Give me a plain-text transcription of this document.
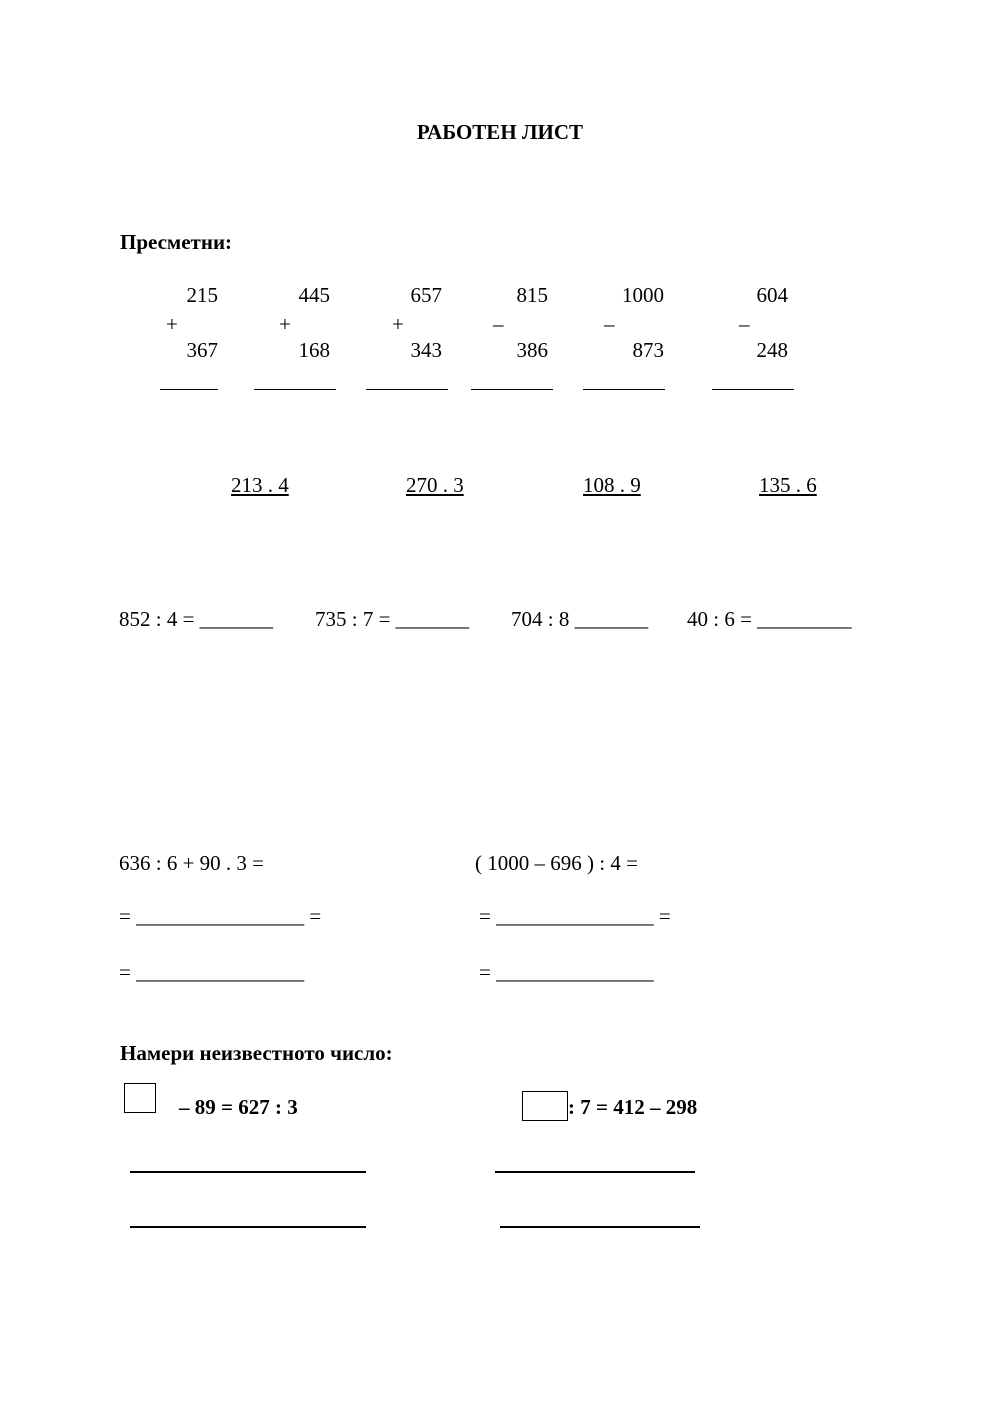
РАБОТЕН ЛИСТ
Пресметни:
215
+
367
445
+
168
657
+
343
815
–
386
1000
–
873
604
–
248
213 . 4	270 . 3	108 . 9	135 . 6
852 : 4 = _______ 735 : 7 = _______ 704 : 8 _______ 40 : 6 = _________
636 : 6 + 90 . 3 =
= ________________ =
= ________________
( 1000 – 696 ) : 4 =
= _______________ =
= _______________
Намери неизвестното число:
– 89 = 627 : 3	: 7 = 412 – 298
